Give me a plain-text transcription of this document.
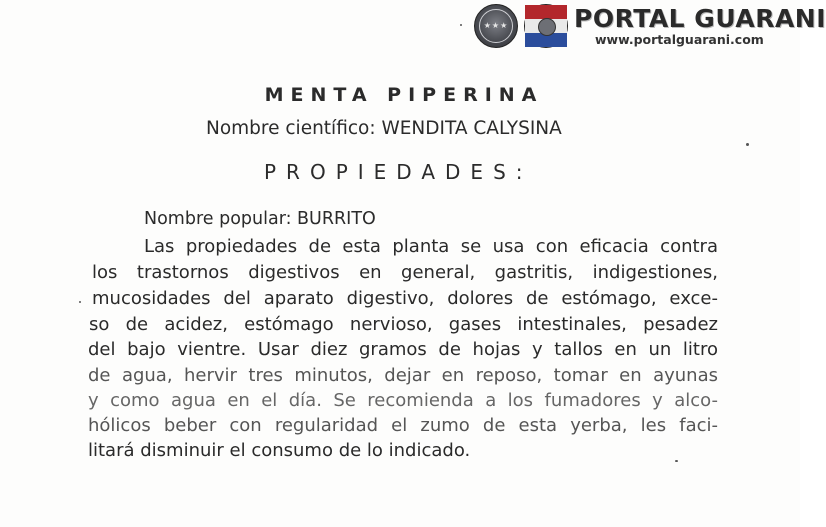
★★★	PORTAL GUARANI
www.portalguarani.com
MENTA PIPERINA
Nombre científico: WENDITA CALYSINA
PROPIEDADES:
Nombre popular: BURRITO
Las propiedades de esta planta se usa con eficacia contra
los trastornos digestivos en general, gastritis, indigestiones,
mucosidades del aparato digestivo, dolores de estómago, exce-
so de acidez, estómago nervioso, gases intestinales, pesadez
del bajo vientre. Usar diez gramos de hojas y tallos en un litro
de agua, hervir tres minutos, dejar en reposo, tomar en ayunas
y como agua en el día. Se recomienda a los fumadores y alco-
hólicos beber con regularidad el zumo de esta yerba, les faci-
litará disminuir el consumo de lo indicado.
